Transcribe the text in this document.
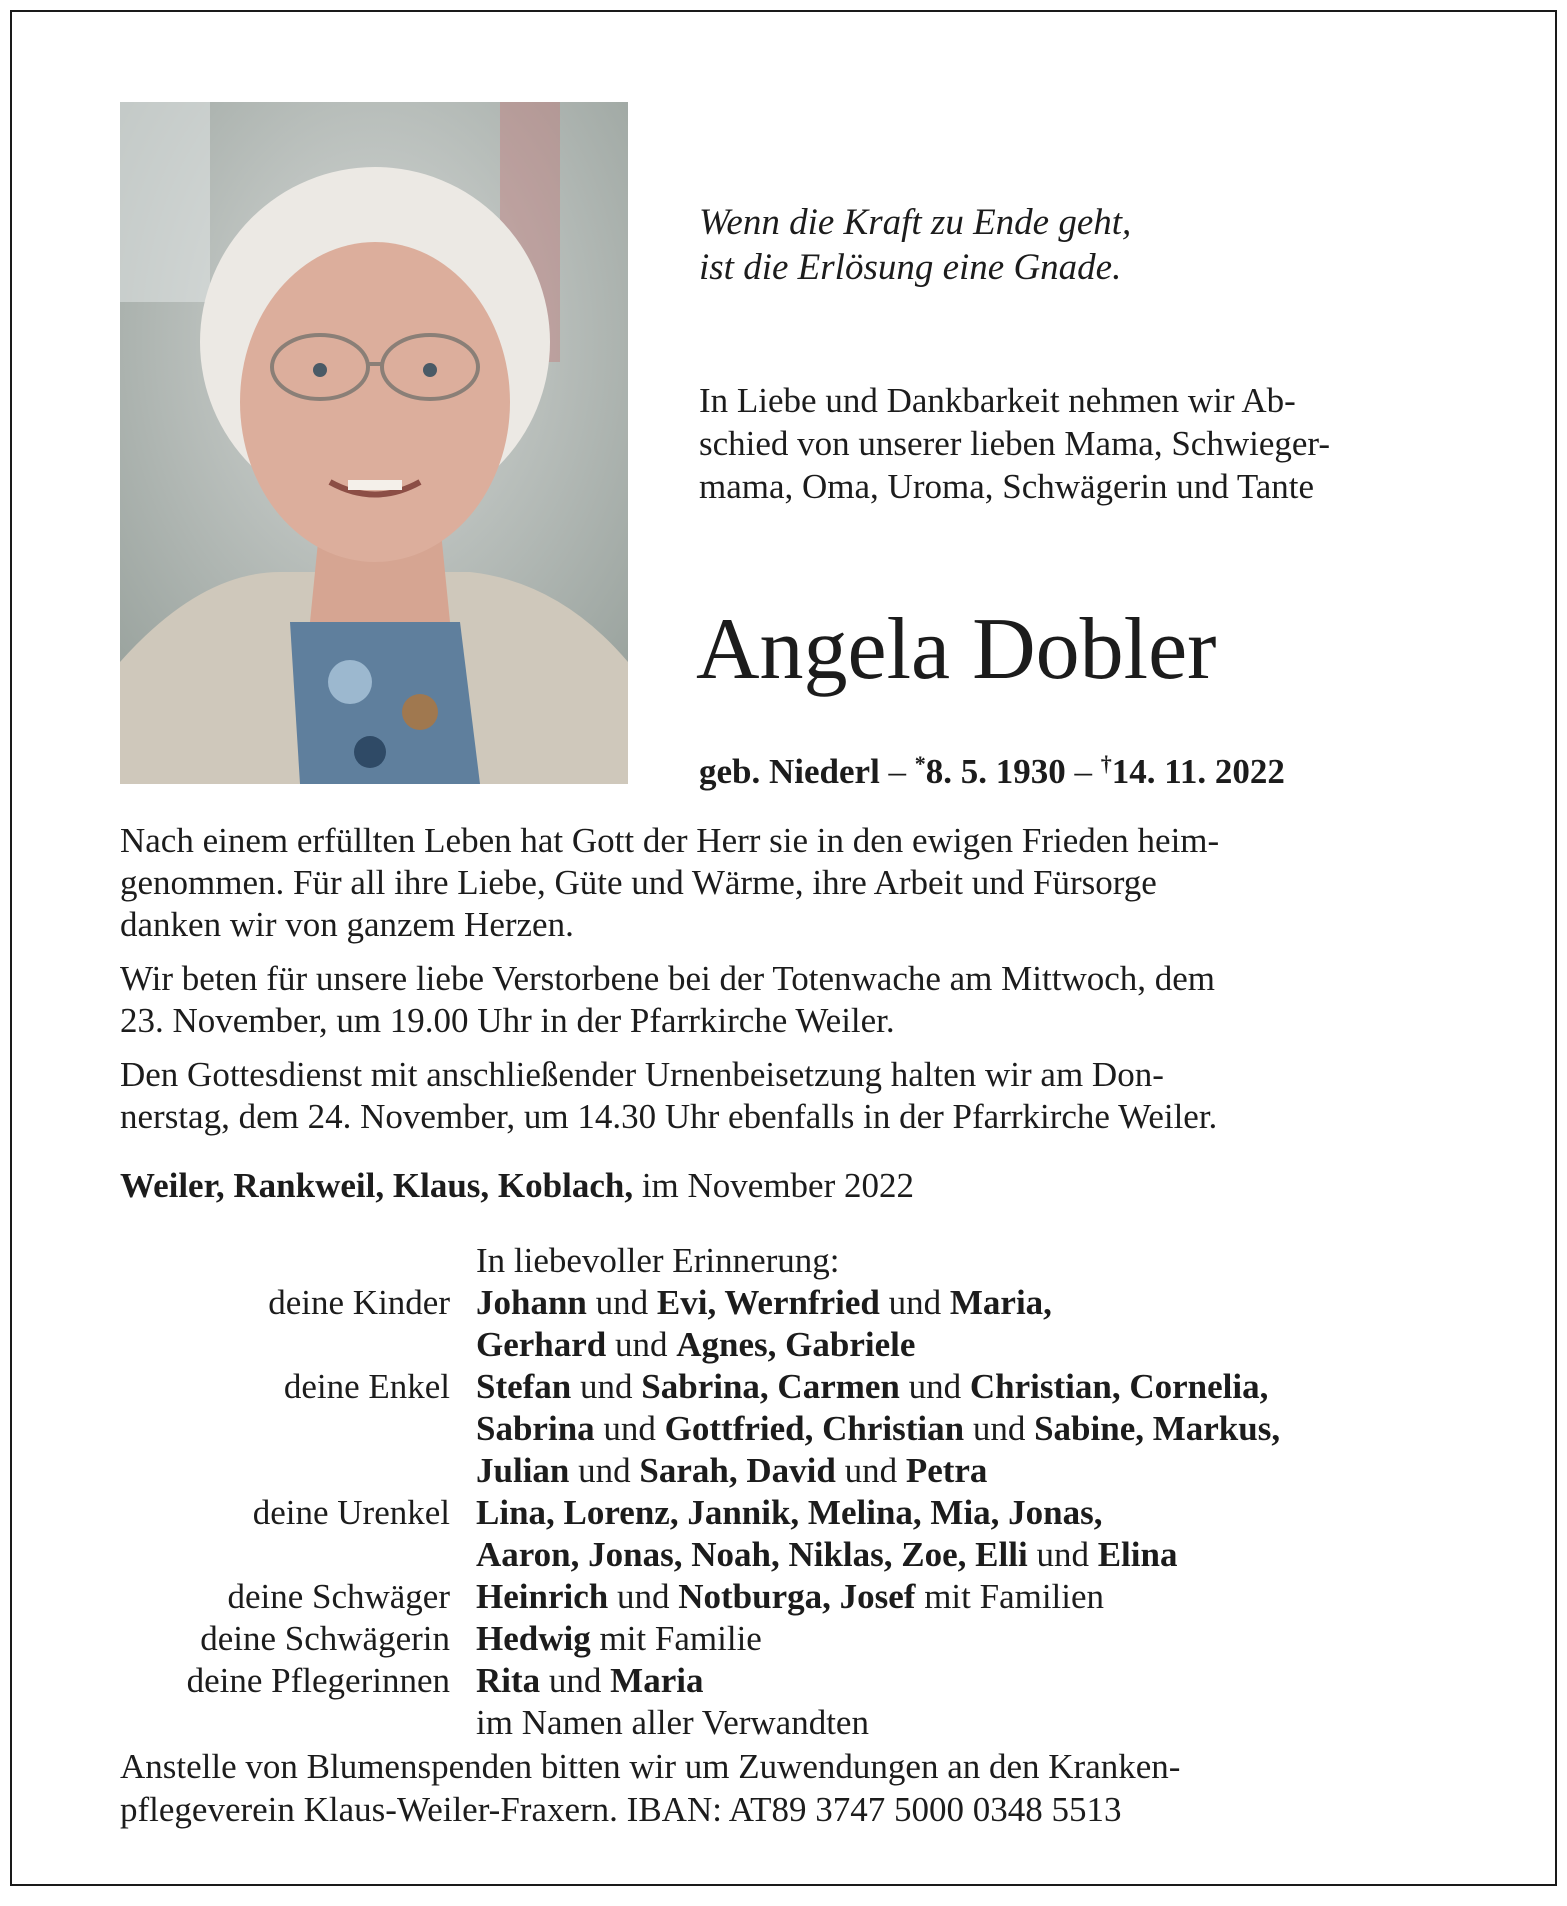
Wenn die Kraft zu Ende geht,
ist die Erlösung eine Gnade.

In Liebe und Dankbarkeit nehmen wir Ab-
schied von unserer lieben Mama, Schwieger-
mama, Oma, Uroma, Schwägerin und Tante

Angela Dobler
geb. Niederl – *8. 5. 1930 – †14. 11. 2022

Nach einem erfüllten Leben hat Gott der Herr sie in den ewigen Frieden heim-
genommen. Für all ihre Liebe, Güte und Wärme, ihre Arbeit und Fürsorge
danken wir von ganzem Herzen.

Wir beten für unsere liebe Verstorbene bei der Totenwache am Mittwoch, dem
23. November, um 19.00 Uhr in der Pfarrkirche Weiler.

Den Gottesdienst mit anschließender Urnenbeisetzung halten wir am Don-
nerstag, dem 24. November, um 14.30 Uhr ebenfalls in der Pfarrkirche Weiler.

Weiler, Rankweil, Klaus, Koblach, im November 2022
In liebevoller Erinnerung:
deine Kinder Johann und Evi, Wernfried und Maria,
Gerhard und Agnes, Gabriele
deine Enkel Stefan und Sabrina, Carmen und Christian, Cornelia,
Sabrina und Gottfried, Christian und Sabine, Markus,
Julian und Sarah, David und Petra
deine Urenkel Lina, Lorenz, Jannik, Melina, Mia, Jonas,
Aaron, Jonas, Noah, Niklas, Zoe, Elli und Elina
deine Schwäger Heinrich und Notburga, Josef mit Familien
deine Schwägerin Hedwig mit Familie
deine Pflegerinnen Rita und Maria
im Namen aller Verwandten
Anstelle von Blumenspenden bitten wir um Zuwendungen an den Kranken-
pflegeverein Klaus-Weiler-Fraxern. IBAN: AT89 3747 5000 0348 5513
